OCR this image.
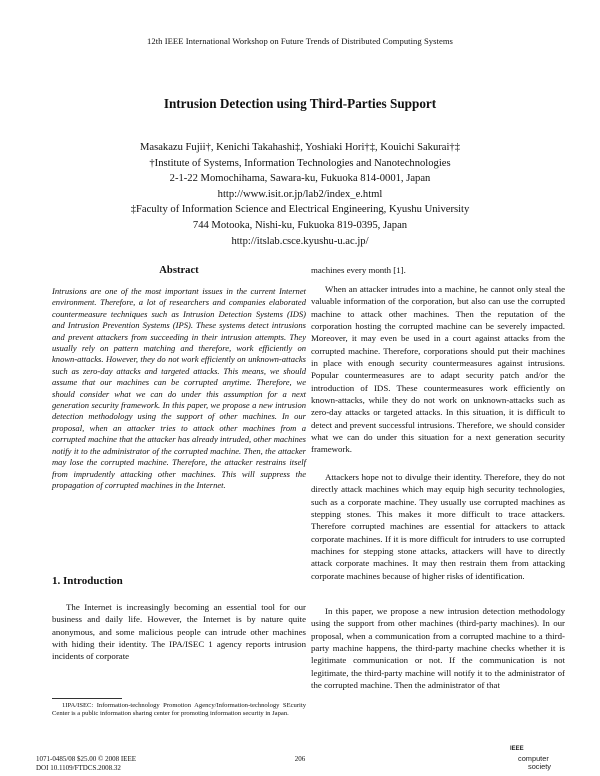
12th IEEE International Workshop on Future Trends of Distributed Computing Systems
Intrusion Detection using Third-Parties Support
Masakazu Fujii†, Kenichi Takahashi‡, Yoshiaki Hori†‡, Kouichi Sakurai†‡
†Institute of Systems, Information Technologies and Nanotechnologies
2-1-22 Momochihama, Sawara-ku, Fukuoka 814-0001, Japan
http://www.isit.or.jp/lab2/index_e.html
‡Faculty of Information Science and Electrical Engineering, Kyushu University
744 Motooka, Nishi-ku, Fukuoka 819-0395, Japan
http://itslab.csce.kyushu-u.ac.jp/
Abstract
Intrusions are one of the most important issues in the current Internet environment. Therefore, a lot of researchers and companies elaborated countermeasure techniques such as Intrusion Detection Systems (IDS) and Intrusion Prevention Systems (IPS). These systems detect intrusions and prevent attackers from succeeding in their intrusion attempts. They usually rely on pattern matching and therefore, work efficiently on known-attacks. However, they do not work efficiently on unknown-attacks such as zero-day attacks and targeted attacks. This means, we should assume that our machines can be corrupted anytime. Therefore, we should consider what we can do under this assumption for a next generation security framework. In this paper, we propose a new intrusion detection methodology using the support of other machines. In our proposal, when an attacker tries to attack other machines from a corrupted machine that the attacker has already intruded, other machines notify it to the administrator of the corrupted machine. Then, the attacker may lose the corrupted machine. Therefore, the attacker restrains itself from imprudently attacking other machines. This will suppress the propagation of corrupted machines in the Internet.
1. Introduction
The Internet is increasingly becoming an essential tool for our business and daily life. However, the Internet is by nature quite anonymous, and some malicious people can intrude other machines with hiding their identity. The IPA/ISEC 1 agency reports intrusion incidents of corporate
1IPA/ISEC: Information-technology Promotion Agency/Information-technology SEcurity Center is a public information sharing center for promoting information security in Japan.

machines every month [1].

When an attacker intrudes into a machine, he cannot only steal the valuable information of the corporation, but also can use the corrupted machine to attack other machines. Then the reputation of the corporation hosting the corrupted machine can be severely impacted. Moreover, it may even be used in a court against attacks from the corrupted machine. Therefore, corporations should put their machines in place with enough security countermeasures against intrusions. Popular countermeasures are to adapt security patch and/or the introduction of IDS. These countermeasures work efficiently on known-attacks, while they do not work on unknown-attacks such as zero-day attacks or targeted attacks. In this situation, it is difficult to detect and prevent successful intrusions. Therefore, we should consider what we can do under this situation for a next generation security framework.

Attackers hope not to divulge their identity. Therefore, they do not directly attack machines which may equip high security technologies, such as a corporate machine. They usually use corrupted machines as stepping stones. This makes it more difficult to trace attackers. Therefore corrupted machines are essential for attackers to attack corporate machines. If it is more difficult for intruders to use corrupted machines for stepping stone attacks, attackers will have to directly attack corporate machines. It may then restrain them from attacking corporate machines because of higher risks of identification.

In this paper, we propose a new intrusion detection methodology using the support from other machines (third-party machines). In our proposal, when a communication from a corrupted machine to a third-party machine happens, the third-party machine checks whether it is legitimate communication or not. If the communication is not legitimate, the third-party machine will notify it to the administrator of the corrupted machine. Then the administrator of that

1071-0485/08 $25.00 © 2008 IEEE
DOI 10.1109/FTDCS.2008.32
206
IEEE
computer
society
